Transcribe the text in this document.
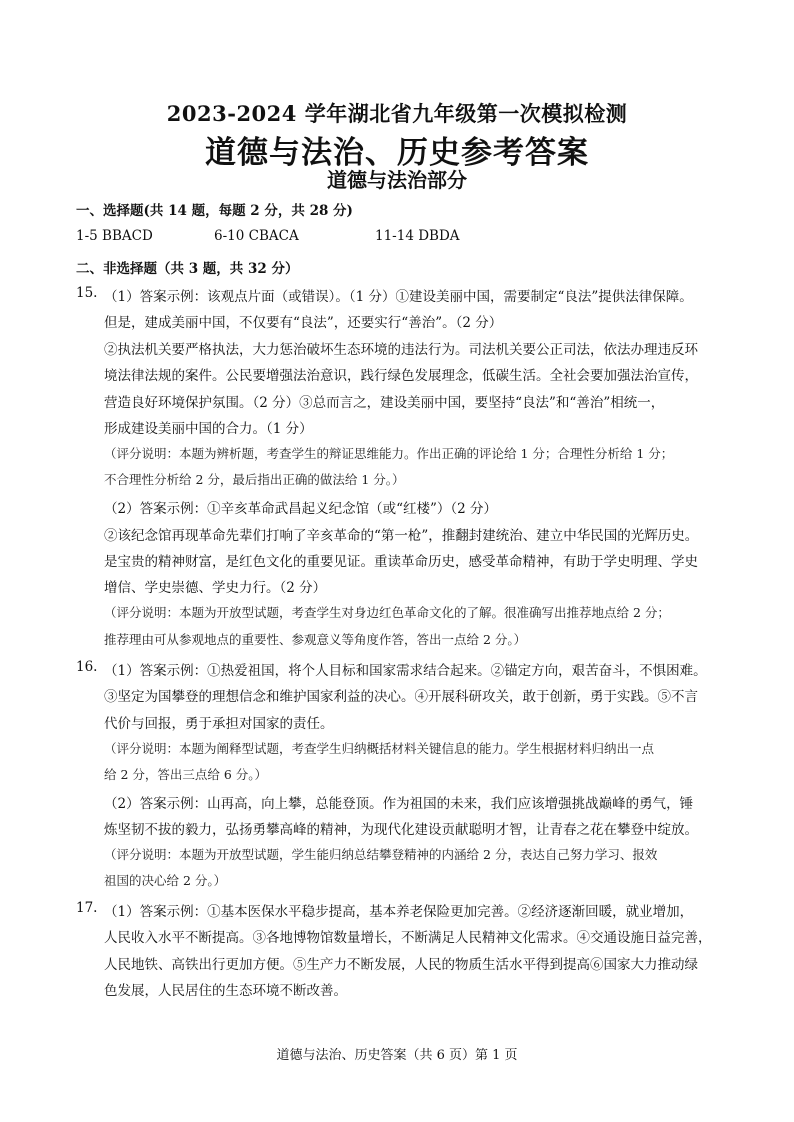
2023-2024 学年湖北省九年级第一次模拟检测
道德与法治、历史参考答案
道德与法治部分
一、选择题(共 14 题，每题 2 分，共 28 分)
1-5 BBACD	6-10 CBACA	11-14 DBDA
二、非选择题（共 3 题，共 32 分）
15. （1）答案示例：该观点片面（或错误）。（1 分）①建设美丽中国，需要制定“良法”提供法律保障。
但是，建成美丽中国，不仅要有“良法”，还要实行“善治”。（2 分）
②执法机关要严格执法，大力惩治破坏生态环境的违法行为。司法机关要公正司法，依法办理违反环
境法律法规的案件。公民要增强法治意识，践行绿色发展理念，低碳生活。全社会要加强法治宣传，
营造良好环境保护氛围。（2 分）③总而言之，建设美丽中国，要坚持“良法”和“善治”相统一，
形成建设美丽中国的合力。（1 分）
（评分说明：本题为辨析题，考查学生的辩证思维能力。作出正确的评论给 1 分；合理性分析给 1 分；
不合理性分析给 2 分，最后指出正确的做法给 1 分。）
（2）答案示例：①辛亥革命武昌起义纪念馆（或“红楼”）（2 分）
②该纪念馆再现革命先辈们打响了辛亥革命的“第一枪”，推翻封建统治、建立中华民国的光辉历史。
是宝贵的精神财富，是红色文化的重要见证。重读革命历史，感受革命精神，有助于学史明理、学史
增信、学史崇德、学史力行。（2 分）
（评分说明：本题为开放型试题，考查学生对身边红色革命文化的了解。很准确写出推荐地点给 2 分；
推荐理由可从参观地点的重要性、参观意义等角度作答，答出一点给 2 分。）
16. （1）答案示例：①热爱祖国，将个人目标和国家需求结合起来。②锚定方向，艰苦奋斗，不惧困难。
③坚定为国攀登的理想信念和维护国家利益的决心。④开展科研攻关，敢于创新，勇于实践。⑤不言
代价与回报，勇于承担对国家的责任。
（评分说明：本题为阐释型试题，考查学生归纳概括材料关键信息的能力。学生根据材料归纳出一点
给 2 分，答出三点给 6 分。）
（2）答案示例：山再高，向上攀，总能登顶。作为祖国的未来，我们应该增强挑战巅峰的勇气，锤
炼坚韧不拔的毅力，弘扬勇攀高峰的精神，为现代化建设贡献聪明才智，让青春之花在攀登中绽放。
（评分说明：本题为开放型试题，学生能归纳总结攀登精神的内涵给 2 分，表达自己努力学习、报效
祖国的决心给 2 分。）
17. （1）答案示例：①基本医保水平稳步提高，基本养老保险更加完善。②经济逐渐回暖，就业增加，
人民收入水平不断提高。③各地博物馆数量增长，不断满足人民精神文化需求。④交通设施日益完善，
人民地铁、高铁出行更加方便。⑤生产力不断发展，人民的物质生活水平得到提高⑥国家大力推动绿
色发展，人民居住的生态环境不断改善。
道德与法治、历史答案（共 6 页）第 1 页
